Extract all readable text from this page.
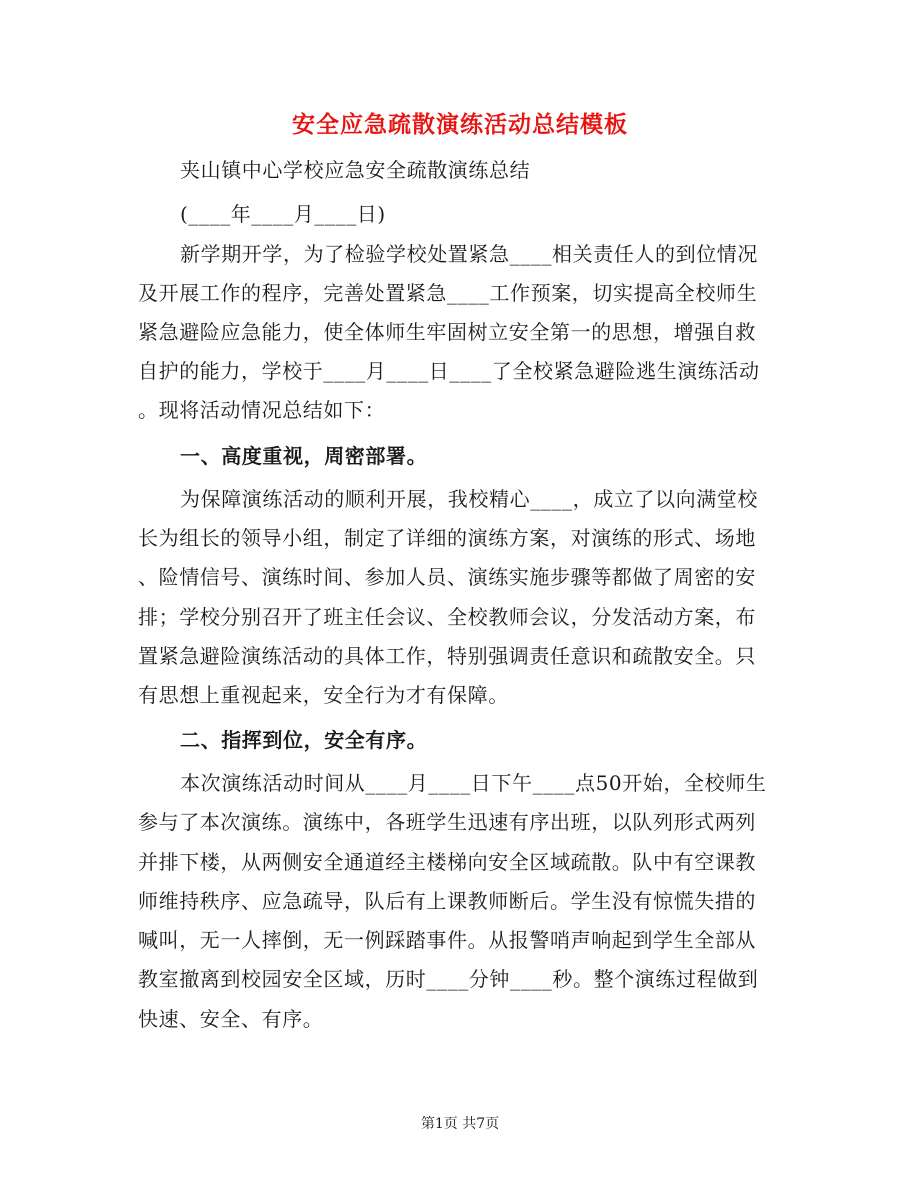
安全应急疏散演练活动总结模板
夹山镇中心学校应急安全疏散演练总结
(____年____月____日)
新学期开学，为了检验学校处置紧急____相关责任人的到位情况
及开展工作的程序，完善处置紧急____工作预案，切实提高全校师生
紧急避险应急能力，使全体师生牢固树立安全第一的思想，增强自救
自护的能力，学校于____月____日____了全校紧急避险逃生演练活动
。现将活动情况总结如下：
一、高度重视，周密部署。
为保障演练活动的顺利开展，我校精心____，成立了以向满堂校
长为组长的领导小组，制定了详细的演练方案，对演练的形式、场地
、险情信号、演练时间、参加人员、演练实施步骤等都做了周密的安
排；学校分别召开了班主任会议、全校教师会议，分发活动方案，布
置紧急避险演练活动的具体工作，特别强调责任意识和疏散安全。只
有思想上重视起来，安全行为才有保障。
二、指挥到位，安全有序。
本次演练活动时间从____月____日下午____点50开始，全校师生
参与了本次演练。演练中，各班学生迅速有序出班，以队列形式两列
并排下楼，从两侧安全通道经主楼梯向安全区域疏散。队中有空课教
师维持秩序、应急疏导，队后有上课教师断后。学生没有惊慌失措的
喊叫，无一人摔倒，无一例踩踏事件。从报警哨声响起到学生全部从
教室撤离到校园安全区域，历时____分钟____秒。整个演练过程做到
快速、安全、有序。
第1页 共7页
